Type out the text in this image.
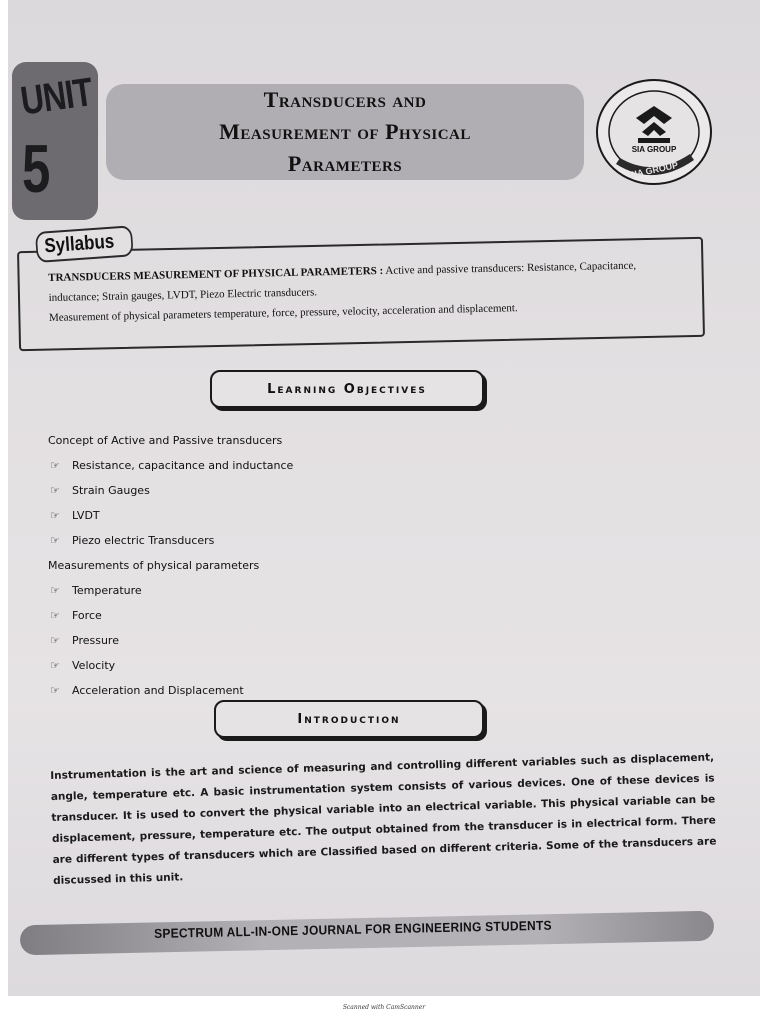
UNIT
5
Transducers and
Measurement of Physical
Parameters
SIA GROUP
SIA GROUP
Syllabus
TRANSDUCERS MEASUREMENT OF PHYSICAL PARAMETERS : Active and passive transducers: Resistance, Capacitance,
inductance; Strain gauges, LVDT, Piezo Electric transducers.
Measurement of physical parameters temperature, force, pressure, velocity, acceleration and displacement.
Learning Objectives
Concept of Active and Passive transducers
☞	Resistance, capacitance and inductance
☞	Strain Gauges
☞	LVDT
☞	Piezo electric Transducers
Measurements of physical parameters
☞	Temperature
☞	Force
☞	Pressure
☞	Velocity
☞	Acceleration and Displacement
Introduction
Instrumentation is the art and science of measuring and controlling different variables such as displacement, angle, temperature etc. A basic instrumentation system consists of various devices. One of these devices is transducer. It is used to convert the physical variable into an electrical variable. This physical variable can be displacement, pressure, temperature etc. The output obtained from the transducer is in electrical form. There are different types of transducers which are Classified based on different criteria. Some of the transducers are discussed in this unit.
SPECTRUM ALL-IN-ONE JOURNAL FOR ENGINEERING STUDENTS
Scanned with CamScanner
